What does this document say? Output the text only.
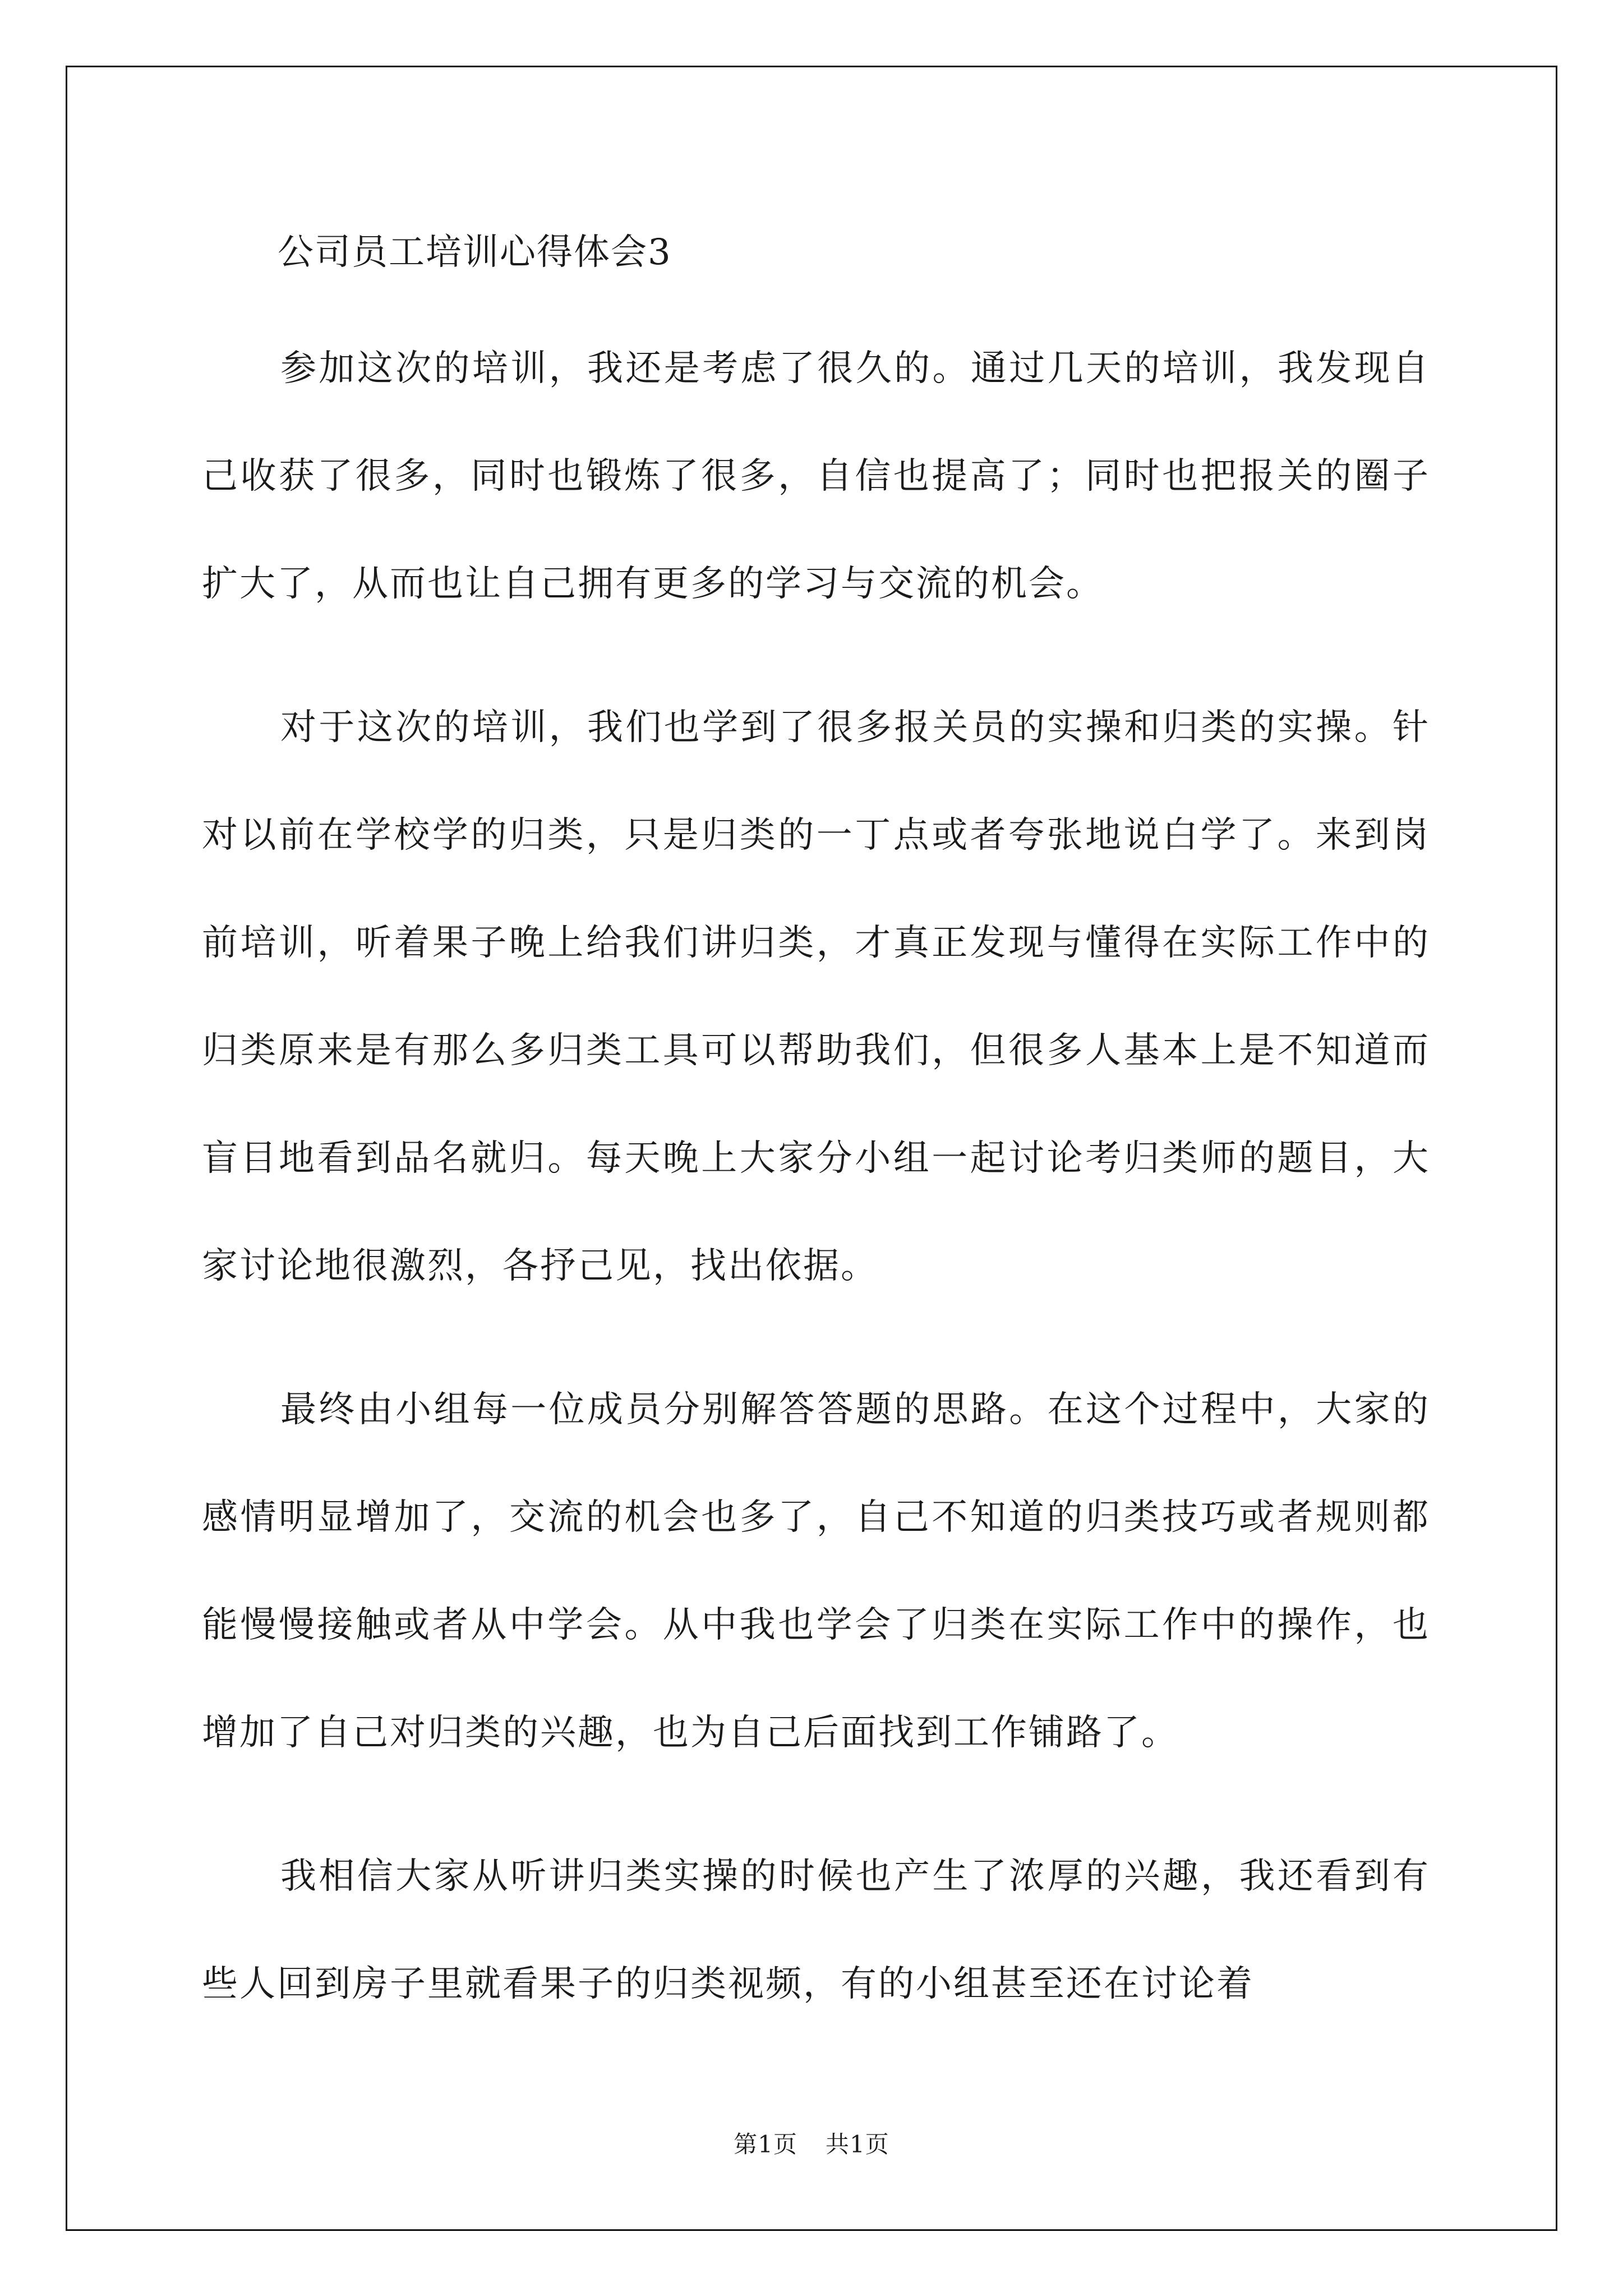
公司员工培训心得体会3

参加这次的培训，我还是考虑了很久的。通过几天的培训，我发现自己收获了很多，同时也锻炼了很多，自信也提高了；同时也把报关的圈子扩大了，从而也让自己拥有更多的学习与交流的机会。

对于这次的培训，我们也学到了很多报关员的实操和归类的实操。针对以前在学校学的归类，只是归类的一丁点或者夸张地说白学了。来到岗前培训，听着果子晚上给我们讲归类，才真正发现与懂得在实际工作中的归类原来是有那么多归类工具可以帮助我们，但很多人基本上是不知道而盲目地看到品名就归。每天晚上大家分小组一起讨论考归类师的题目，大家讨论地很激烈，各抒己见，找出依据。

最终由小组每一位成员分别解答答题的思路。在这个过程中，大家的感情明显增加了，交流的机会也多了，自己不知道的归类技巧或者规则都能慢慢接触或者从中学会。从中我也学会了归类在实际工作中的操作，也增加了自己对归类的兴趣，也为自己后面找到工作铺路了。

我相信大家从听讲归类实操的时候也产生了浓厚的兴趣，我还看到有些人回到房子里就看果子的归类视频，有的小组甚至还在讨论着

第1页 共1页
